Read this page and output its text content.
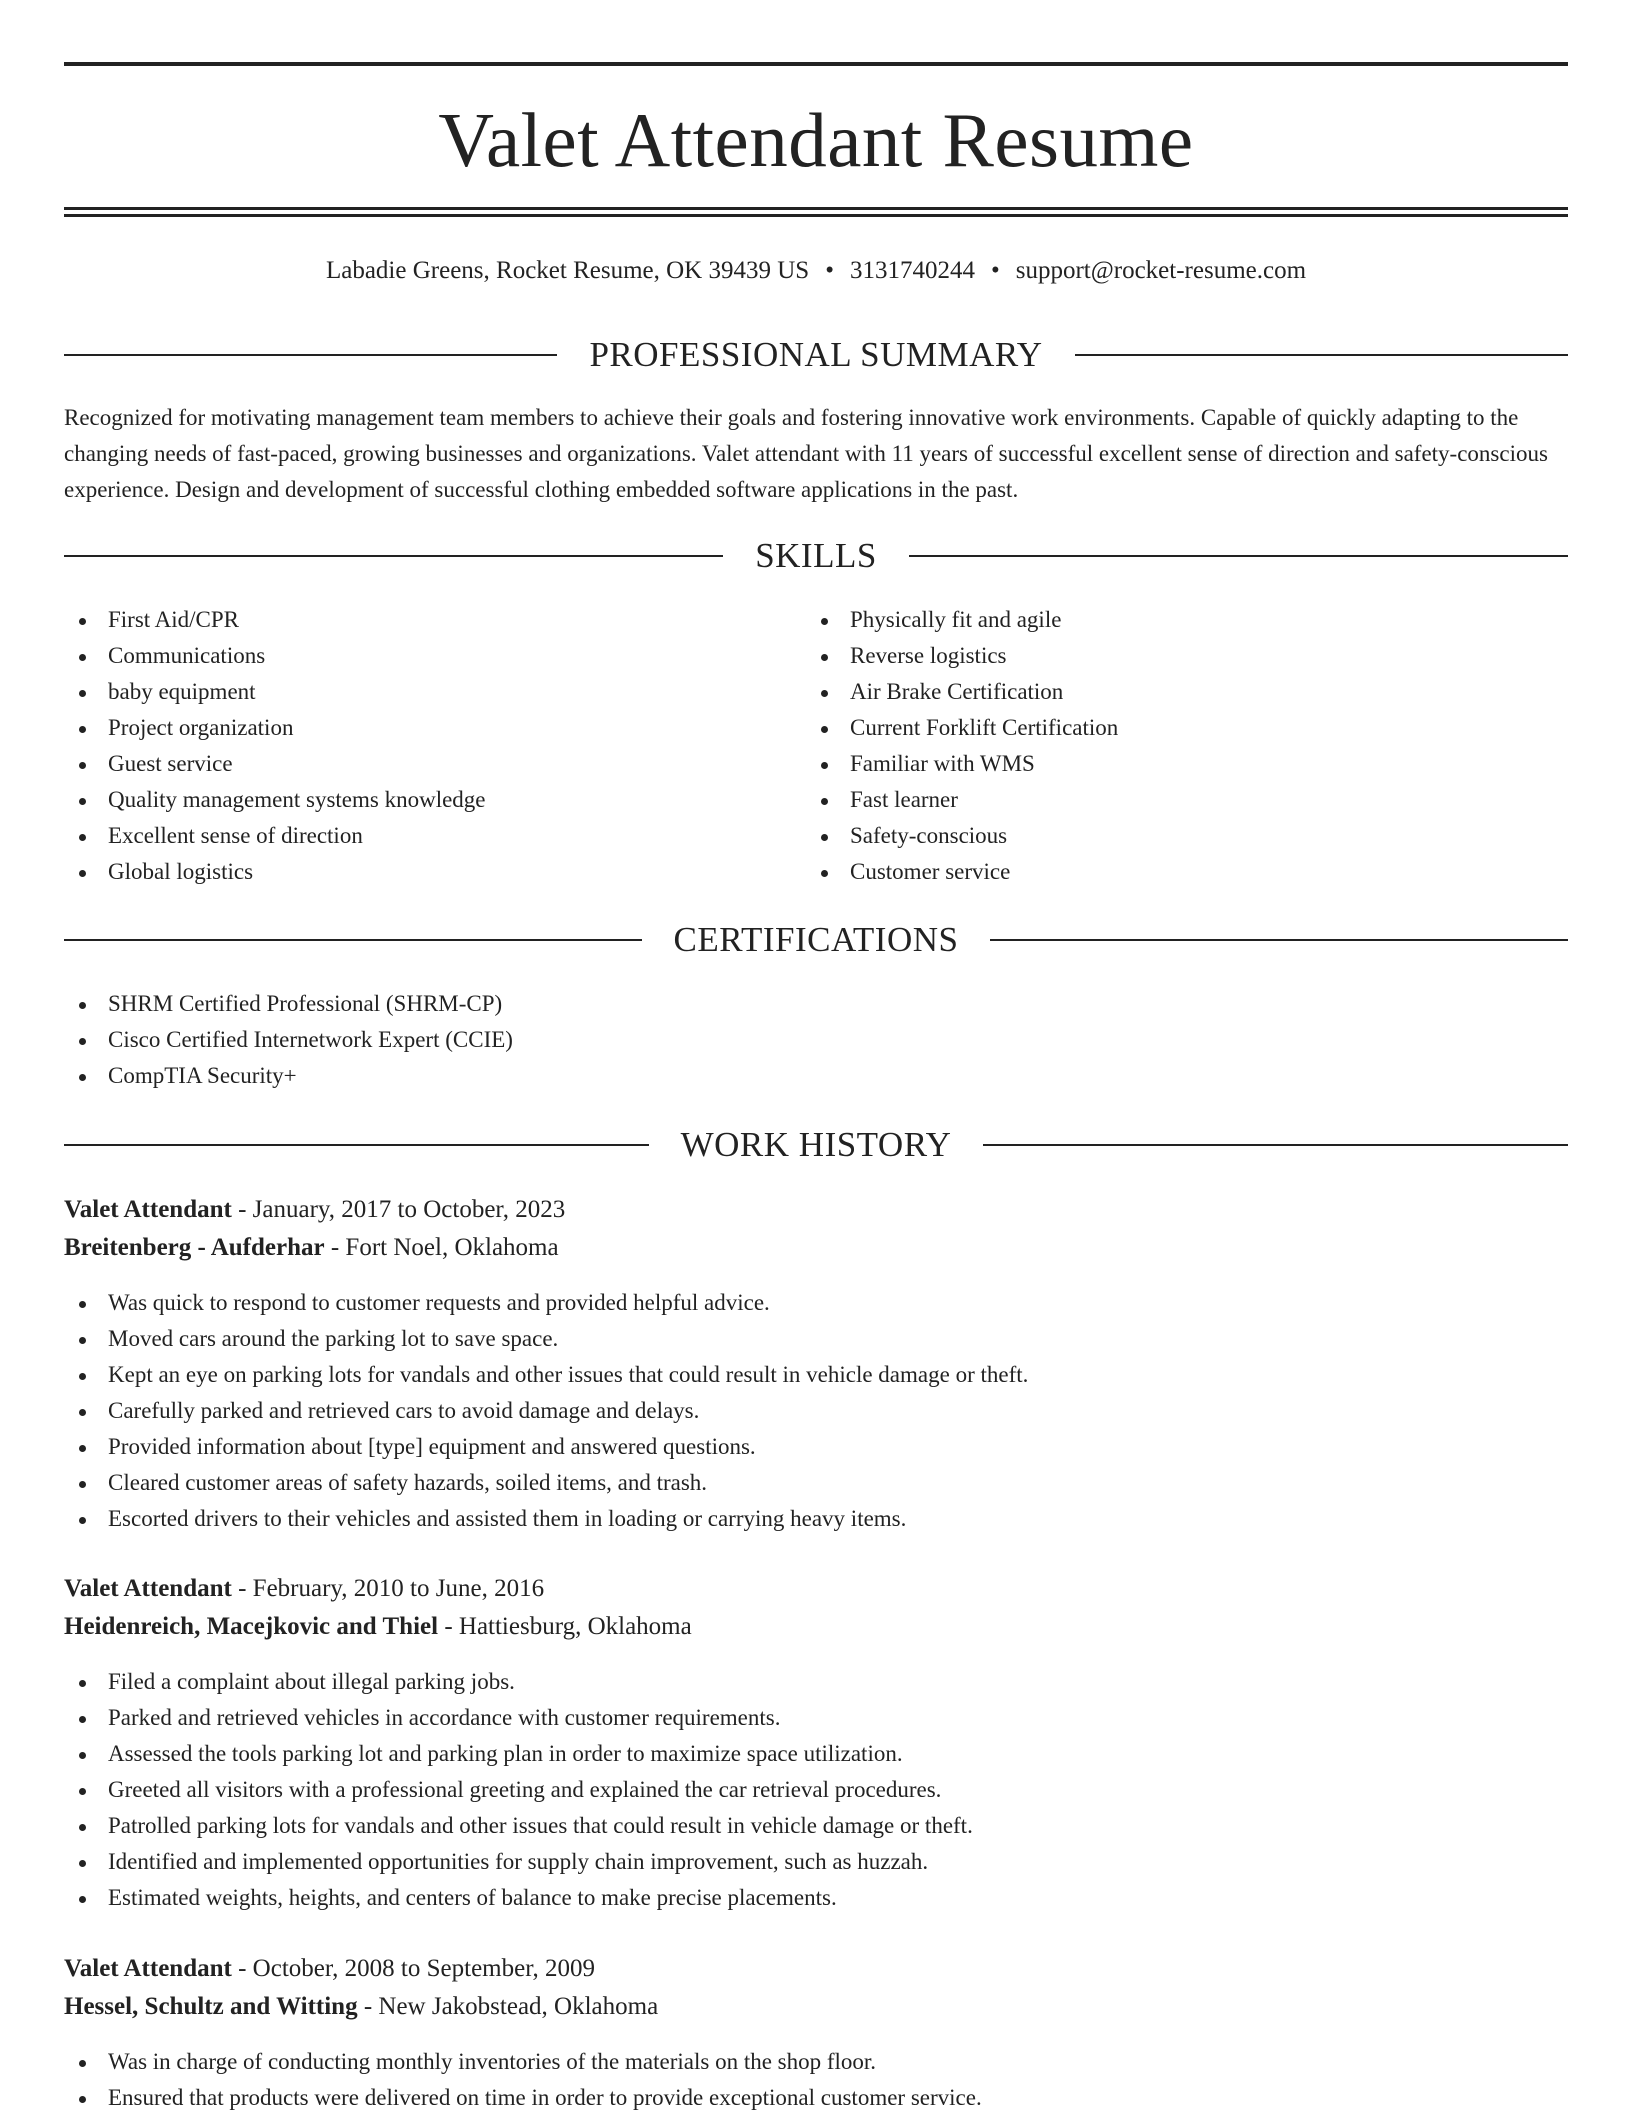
Valet Attendant Resume
Labadie Greens, Rocket Resume, OK 39439 US • 3131740244 • support@rocket-resume.com
PROFESSIONAL SUMMARY

Recognized for motivating management team members to achieve their goals and fostering innovative work environments. Capable of quickly adapting to the changing needs of fast-paced, growing businesses and organizations. Valet attendant with 11 years of successful excellent sense of direction and safety-conscious experience. Design and development of successful clothing embedded software applications in the past.

SKILLS
First Aid/CPR
Communications
baby equipment
Project organization
Guest service
Quality management systems knowledge
Excellent sense of direction
Global logistics
Physically fit and agile
Reverse logistics
Air Brake Certification
Current Forklift Certification
Familiar with WMS
Fast learner
Safety-conscious
Customer service
CERTIFICATIONS
SHRM Certified Professional (SHRM-CP)
Cisco Certified Internetwork Expert (CCIE)
CompTIA Security+
WORK HISTORY
Valet Attendant - January, 2017 to October, 2023
Breitenberg - Aufderhar - Fort Noel, Oklahoma
Was quick to respond to customer requests and provided helpful advice.
Moved cars around the parking lot to save space.
Kept an eye on parking lots for vandals and other issues that could result in vehicle damage or theft.
Carefully parked and retrieved cars to avoid damage and delays.
Provided information about [type] equipment and answered questions.
Cleared customer areas of safety hazards, soiled items, and trash.
Escorted drivers to their vehicles and assisted them in loading or carrying heavy items.
Valet Attendant - February, 2010 to June, 2016
Heidenreich, Macejkovic and Thiel - Hattiesburg, Oklahoma
Filed a complaint about illegal parking jobs.
Parked and retrieved vehicles in accordance with customer requirements.
Assessed the tools parking lot and parking plan in order to maximize space utilization.
Greeted all visitors with a professional greeting and explained the car retrieval procedures.
Patrolled parking lots for vandals and other issues that could result in vehicle damage or theft.
Identified and implemented opportunities for supply chain improvement, such as huzzah.
Estimated weights, heights, and centers of balance to make precise placements.
Valet Attendant - October, 2008 to September, 2009
Hessel, Schultz and Witting - New Jakobstead, Oklahoma
Was in charge of conducting monthly inventories of the materials on the shop floor.
Ensured that products were delivered on time in order to provide exceptional customer service.
